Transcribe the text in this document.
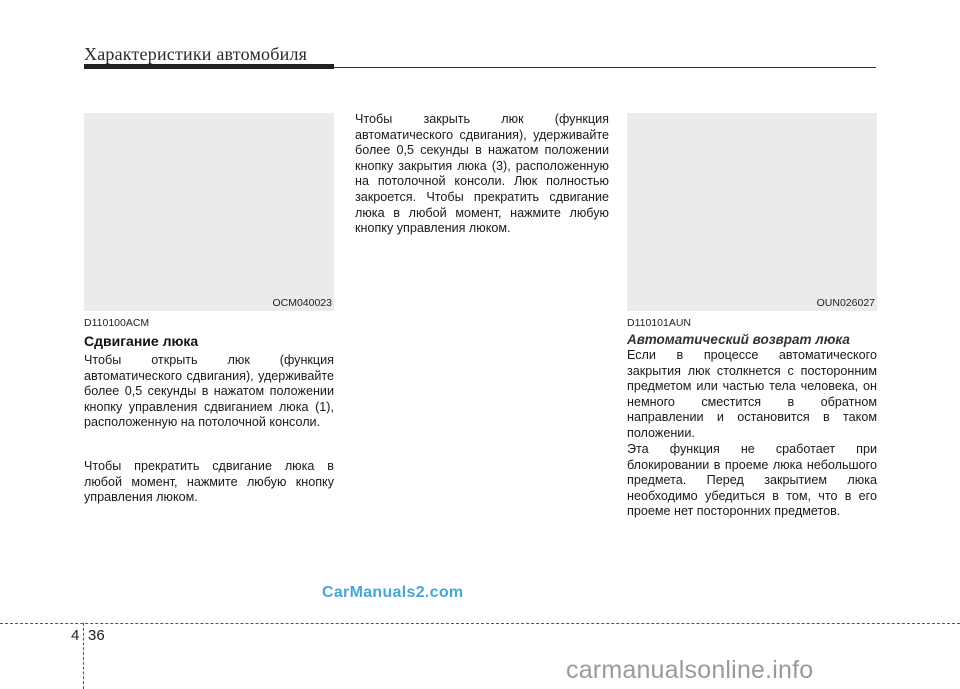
Характеристики автомобиля
OCM040023
D110100ACM
Сдвигание люка

Чтобы открыть люк (функция автоматического сдвигания), удерживайте более 0,5 секунды в нажатом положении кнопку управления сдвиганием люка (1), расположенную на потолочной консоли.

Чтобы прекратить сдвигание люка в любой момент, нажмите любую кнопку управления люком.

Чтобы закрыть люк (функция автоматического сдвигания), удерживайте более 0,5 секунды в нажатом положении кнопку закрытия люка (3), расположенную на потолочной консоли. Люк полностью закроется. Чтобы прекратить сдвигание люка в любой момент, нажмите любую кнопку управления люком.

OUN026027
D110101AUN
Автоматический возврат люка

Если в процессе автоматического закрытия люк столкнется с посторонним предметом или частью тела человека, он немного сместится в обратном направлении и остановится в таком положении.

Эта функция не сработает при блокировании в проеме люка небольшого предмета. Перед закрытием люка необходимо убедиться в том, что в его проеме нет посторонних предметов.

CarManuals2.com
4 36
carmanualsonline.info
